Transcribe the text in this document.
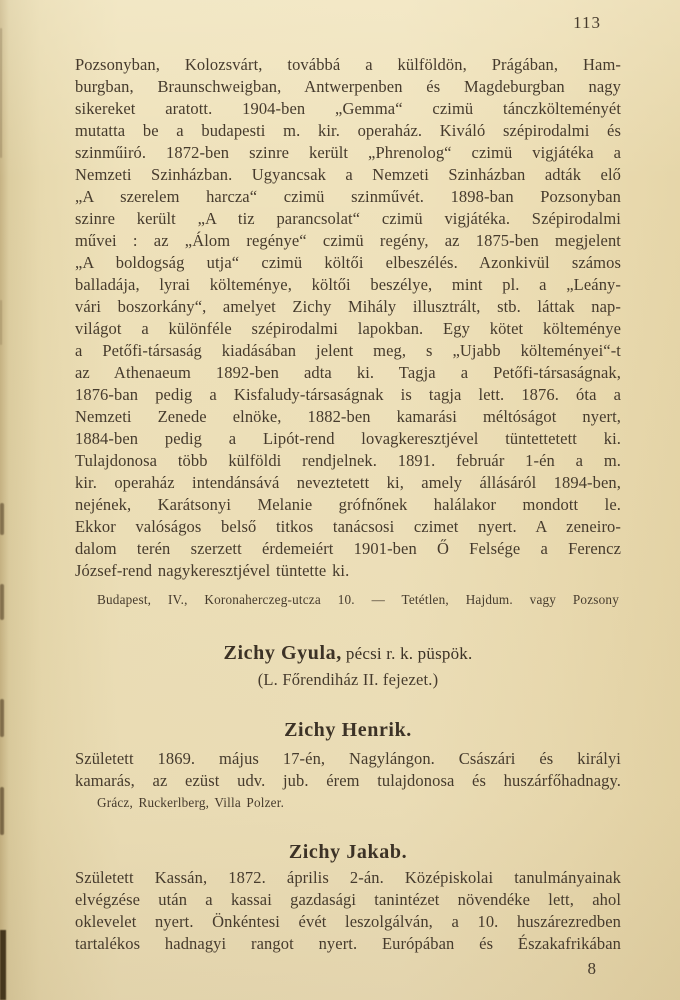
113
Pozsonyban, Kolozsvárt, továbbá a külföldön, Prágában, Ham-
burgban, Braunschweigban, Antwerpenben és Magdeburgban nagy
sikereket aratott. 1904-ben „Gemma“ czimü tánczkölteményét
mutatta be a budapesti m. kir. operaház. Kiváló szépirodalmi és
szinműiró. 1872-ben szinre került „Phrenolog“ czimü vigjátéka a
Nemzeti Szinházban. Ugyancsak a Nemzeti Szinházban adták elő
„A szerelem harcza“ czimü szinművét. 1898-ban Pozsonyban
szinre került „A tiz parancsolat“ czimü vigjátéka. Szépirodalmi
művei : az „Álom regénye“ czimü regény, az 1875-ben megjelent
„A boldogság utja“ czimü költői elbeszélés. Azonkivül számos
balladája, lyrai költeménye, költői beszélye, mint pl. a „Leány-
vári boszorkány“, amelyet Zichy Mihály illusztrált, stb. láttak nap-
világot a különféle szépirodalmi lapokban. Egy kötet költeménye
a Petőfi-társaság kiadásában jelent meg, s „Ujabb költeményei“-t
az Athenaeum 1892-ben adta ki. Tagja a Petőfi-társaságnak,
1876-ban pedig a Kisfaludy-társaságnak is tagja lett. 1876. óta a
Nemzeti Zenede elnöke, 1882-ben kamarási méltóságot nyert,
1884-ben pedig a Lipót-rend lovagkeresztjével tüntettetett ki.
Tulajdonosa több külföldi rendjelnek. 1891. február 1-én a m.
kir. operaház intendánsává neveztetett ki, amely állásáról 1894-ben,
nejének, Karátsonyi Melanie grófnőnek halálakor mondott le.
Ekkor valóságos belső titkos tanácsosi czimet nyert. A zeneiro-
dalom terén szerzett érdemeiért 1901-ben Ő Felsége a Ferencz
József-rend nagykeresztjével tüntette ki.
Budapest, IV., Koronaherczeg-utcza 10. — Tetétlen, Hajdum. vagy Pozsony
Zichy Gyula, pécsi r. k. püspök.
(L. Főrendiház II. fejezet.)
Zichy Henrik.
Született 1869. május 17-én, Nagylángon. Császári és királyi
kamarás, az ezüst udv. jub. érem tulajdonosa és huszárfőhadnagy.
Grácz, Ruckerlberg, Villa Polzer.
Zichy Jakab.
Született Kassán, 1872. április 2-án. Középiskolai tanulmányainak
elvégzése után a kassai gazdasági tanintézet növendéke lett, ahol
oklevelet nyert. Önkéntesi évét leszolgálván, a 10. huszárezredben
tartalékos hadnagyi rangot nyert. Európában és Északafrikában
8
